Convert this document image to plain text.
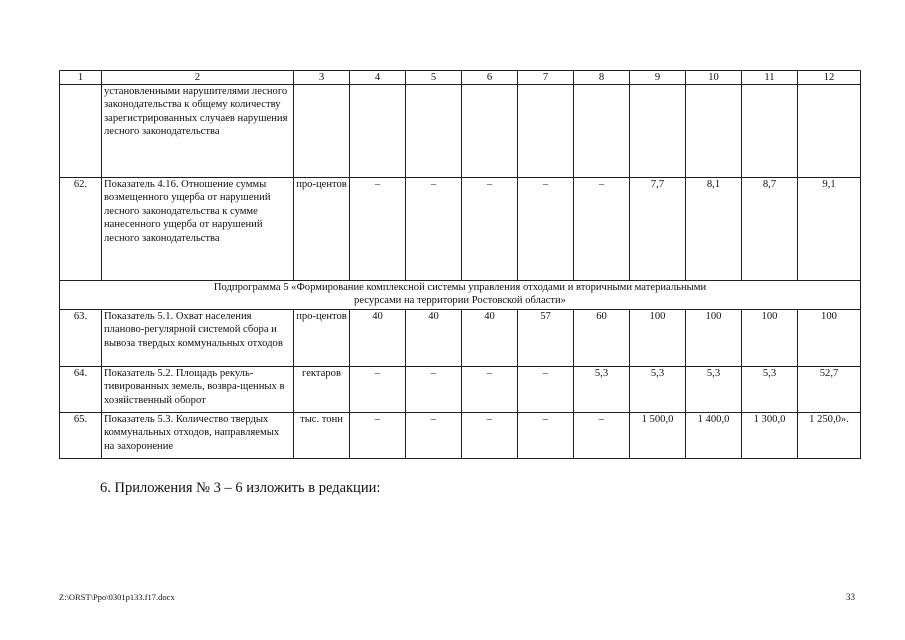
1	2	3	4	5	6	7	8	9	10	11	12
	установленными нарушителями лесного законодательства к общему количеству зарегистрированных случаев нарушения лесного законодательства										
62.	Показатель 4.16. Отношение суммы возмещенного ущерба от нарушений лесного законодательства к сумме нанесенного ущерба от нарушений лесного законодательства	про-центов	–	–	–	–	–	7,7	8,1	8,7	9,1
Подпрограмма 5 «Формирование комплексной системы управления отходами и вторичными материальными ресурсами на территории Ростовской области»											
63.	Показатель 5.1. Охват населения планово-регулярной системой сбора и вывоза твердых коммунальных отходов	про-центов	40	40	40	57	60	100	100	100	100
64.	Показатель 5.2. Площадь рекуль-тивированных земель, возвра-щенных в хозяйственный оборот	гектаров	–	–	–	–	5,3	5,3	5,3	5,3	52,7
65.	Показатель 5.3. Количество твердых коммунальных отходов, направляемых на захоронение	тыс. тонн	–	–	–	–	–	1 500,0	1 400,0	1 300,0	1 250,0».
6. Приложения № 3 – 6 изложить в редакции:
Z:\ORST\Ppo\0301p133.f17.docx	33
